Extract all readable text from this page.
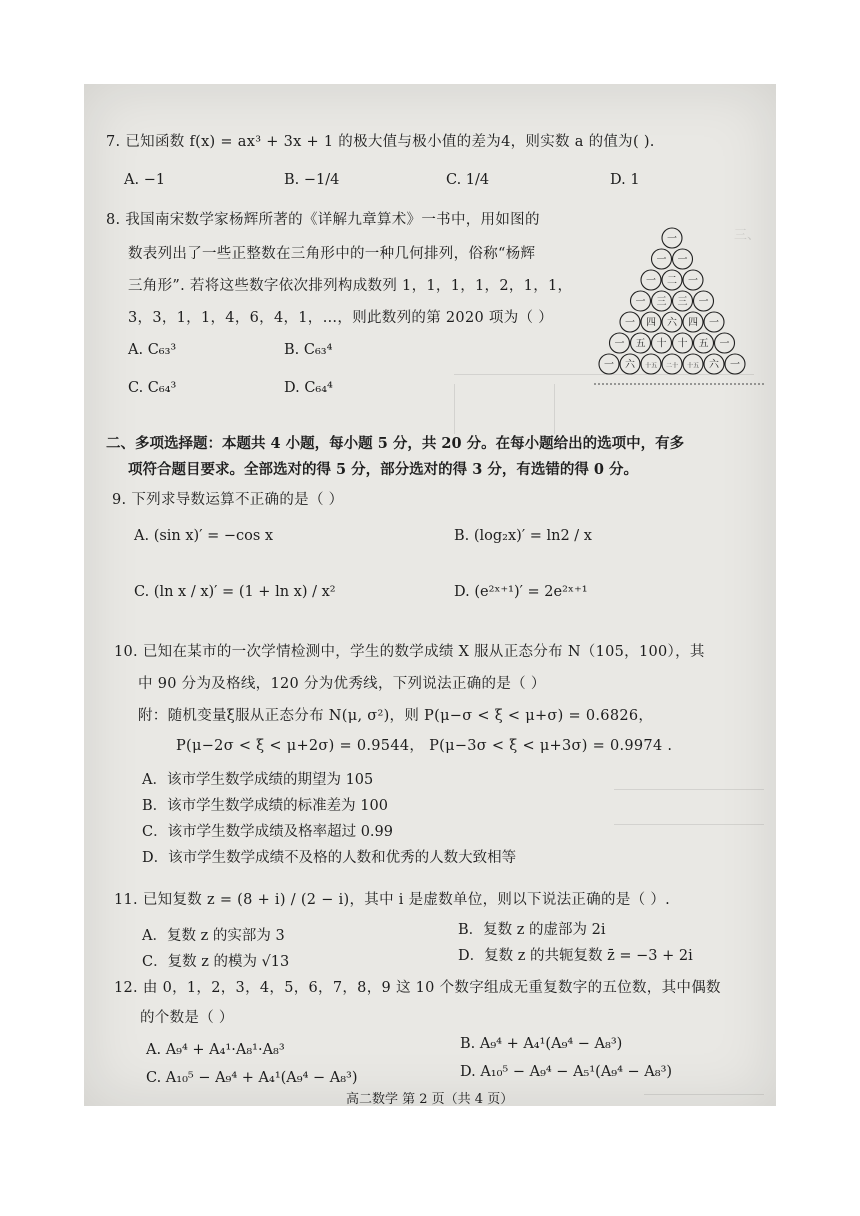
三、
7. 已知函数 f(x) = ax³ + 3x + 1 的极大值与极小值的差为4，则实数 a 的值为( ).
A. −1	B. −1/4	C. 1/4	D. 1
8. 我国南宋数学家杨辉所著的《详解九章算术》一书中，用如图的
数表列出了一些正整数在三角形中的一种几何排列，俗称“杨辉
三角形”. 若将这些数字依次排列构成数列 1，1，1，1，2，1，1，
3，3，1，1，4，6，4，1，…，则此数列的第 2020 项为（ ）
A. C₆₃³	B. C₆₃⁴
C. C₆₄³	D. C₆₄⁴
一
一 一
一 二 一
一 三 三 一
一 四 六 四 一
一 五 十 十 五 一
一 六 十五 二十 十五 六 一
二、多项选择题：本题共 4 小题，每小题 5 分，共 20 分。在每小题给出的选项中，有多
项符合题目要求。全部选对的得 5 分，部分选对的得 3 分，有选错的得 0 分。
9. 下列求导数运算不正确的是（ ）
A. (sin x)′ = −cos x	B. (log₂x)′ = ln2 / x
C. (ln x / x)′ = (1 + ln x) / x²	D. (e²ˣ⁺¹)′ = 2e²ˣ⁺¹
10. 已知在某市的一次学情检测中，学生的数学成绩 X 服从正态分布 N（105，100），其
中 90 分为及格线，120 分为优秀线，下列说法正确的是（ ）
附：随机变量ξ服从正态分布 N(μ, σ²)，则 P(μ−σ < ξ < μ+σ) = 0.6826，
P(μ−2σ < ξ < μ+2σ) = 0.9544， P(μ−3σ < ξ < μ+3σ) = 0.9974 .
A．该市学生数学成绩的期望为 105
B．该市学生数学成绩的标准差为 100
C．该市学生数学成绩及格率超过 0.99
D．该市学生数学成绩不及格的人数和优秀的人数大致相等
11. 已知复数 z = (8 + i) / (2 − i)，其中 i 是虚数单位，则以下说法正确的是（ ）.
A．复数 z 的实部为 3	B．复数 z 的虚部为 2i
C．复数 z 的模为 √13	D．复数 z 的共轭复数 z̄ = −3 + 2i
12. 由 0，1，2，3，4，5，6，7，8，9 这 10 个数字组成无重复数字的五位数，其中偶数
的个数是（ ）
A. A₉⁴ + A₄¹·A₈¹·A₈³	B. A₉⁴ + A₄¹(A₉⁴ − A₈³)
C. A₁₀⁵ − A₉⁴ + A₄¹(A₉⁴ − A₈³)	D. A₁₀⁵ − A₉⁴ − A₅¹(A₉⁴ − A₈³)
高二数学 第 2 页（共 4 页）
